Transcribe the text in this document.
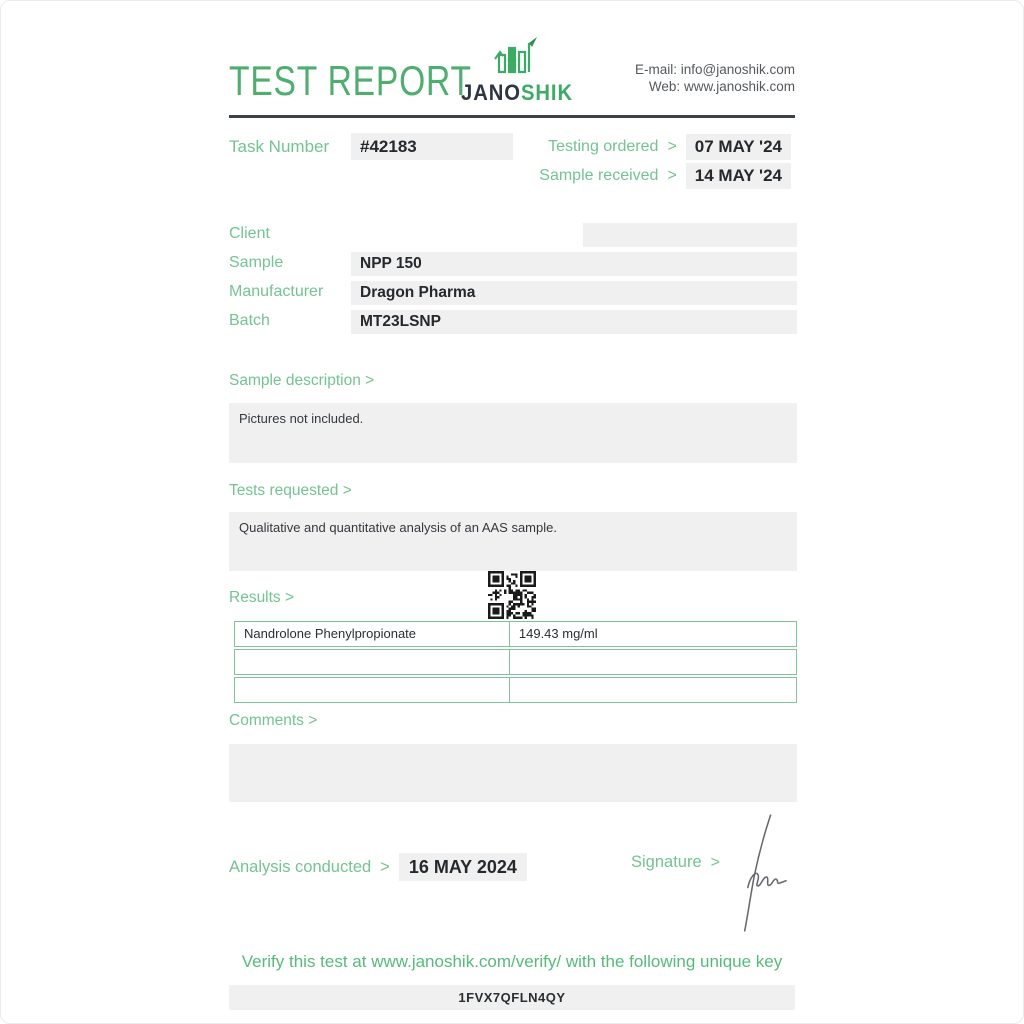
TEST REPORT
JANOSHIK
E-mail: info@janoshik.com
Web: www.janoshik.com
Task Number	#42183	Testing ordered >	07 MAY '24
Sample received >	14 MAY '24
Client
Sample	NPP 150
Manufacturer	Dragon Pharma
Batch	MT23LSNP
Sample description >
Pictures not included.
Tests requested >
Qualitative and quantitative analysis of an AAS sample.
Results >
Nandrolone Phenylpropionate	149.43 mg/ml
Comments >
Analysis conducted >	16 MAY 2024	Signature >
Verify this test at www.janoshik.com/verify/ with the following unique key
1FVX7QFLN4QY
